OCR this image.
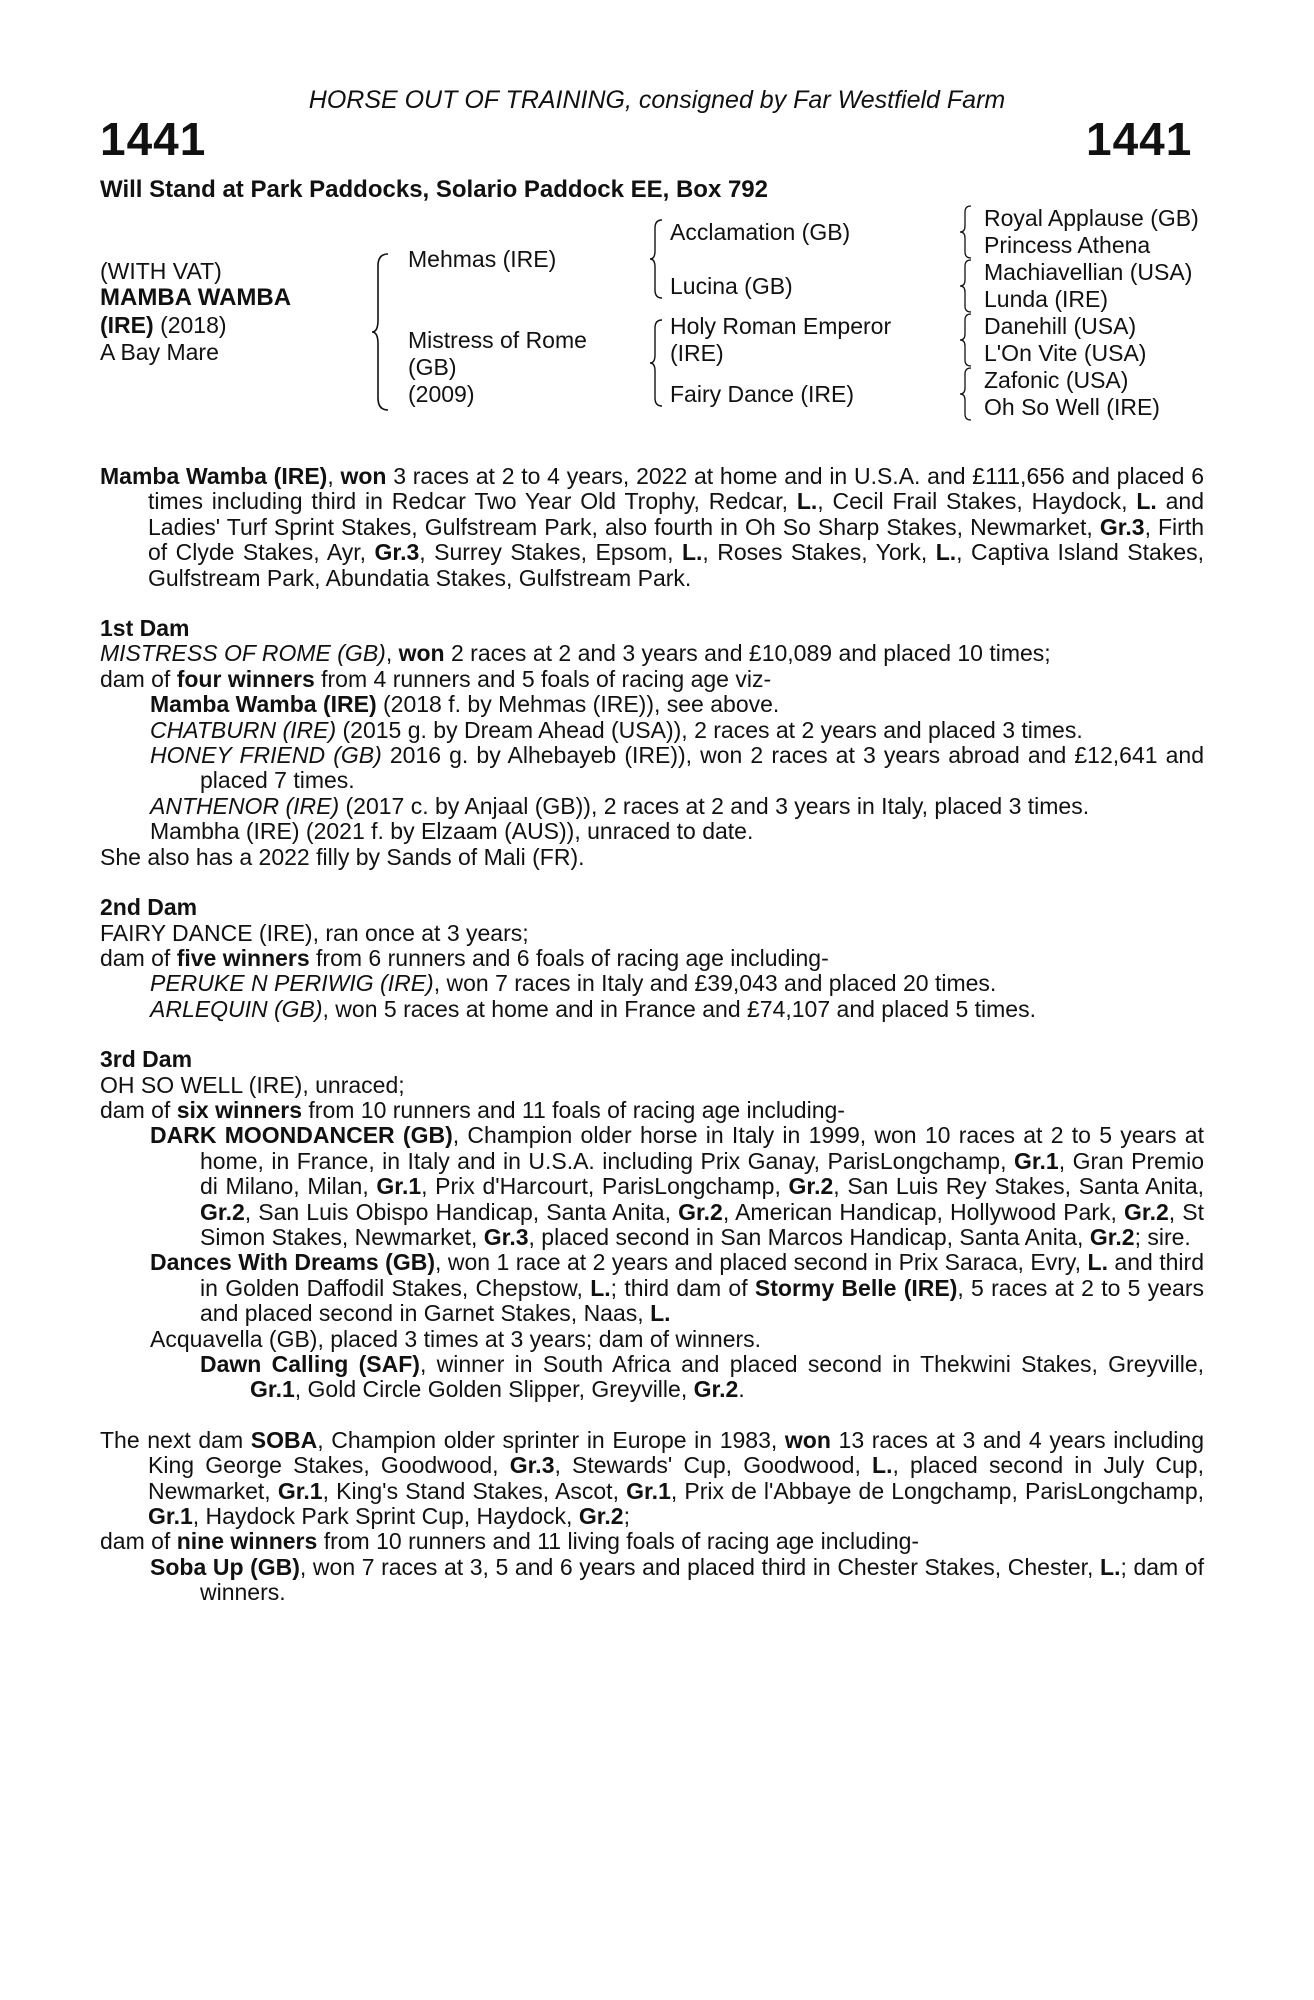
HORSE OUT OF TRAINING, consigned by Far Westfield Farm
1441	1441
Will Stand at Park Paddocks, Solario Paddock EE, Box 792
(WITH VAT)
MAMBA WAMBA
(IRE) (2018)
A Bay Mare
Mehmas (IRE)
Mistress of Rome
(GB)
(2009)
Acclamation (GB)
Lucina (GB)
Holy Roman Emperor
(IRE)
Fairy Dance (IRE)
Royal Applause (GB)
Princess Athena
Machiavellian (USA)
Lunda (IRE)
Danehill (USA)
L'On Vite (USA)
Zafonic (USA)
Oh So Well (IRE)

Mamba Wamba (IRE), won 3 races at 2 to 4 years, 2022 at home and in U.S.A. and £111,656 and placed 6 times including third in Redcar Two Year Old Trophy, Redcar, L., Cecil Frail Stakes, Haydock, L. and Ladies' Turf Sprint Stakes, Gulfstream Park, also fourth in Oh So Sharp Stakes, Newmarket, Gr.3, Firth of Clyde Stakes, Ayr, Gr.3, Surrey Stakes, Epsom, L., Roses Stakes, York, L., Captiva Island Stakes, Gulfstream Park, Abundatia Stakes, Gulfstream Park.

1st Dam

MISTRESS OF ROME (GB), won 2 races at 2 and 3 years and £10,089 and placed 10 times;

dam of four winners from 4 runners and 5 foals of racing age viz-

Mamba Wamba (IRE) (2018 f. by Mehmas (IRE)), see above.

CHATBURN (IRE) (2015 g. by Dream Ahead (USA)), 2 races at 2 years and placed 3 times.

HONEY FRIEND (GB) 2016 g. by Alhebayeb (IRE)), won 2 races at 3 years abroad and £12,641 and placed 7 times.

ANTHENOR (IRE) (2017 c. by Anjaal (GB)), 2 races at 2 and 3 years in Italy, placed 3 times.

Mambha (IRE) (2021 f. by Elzaam (AUS)), unraced to date.

She also has a 2022 filly by Sands of Mali (FR).

2nd Dam

FAIRY DANCE (IRE), ran once at 3 years;

dam of five winners from 6 runners and 6 foals of racing age including-

PERUKE N PERIWIG (IRE), won 7 races in Italy and £39,043 and placed 20 times.

ARLEQUIN (GB), won 5 races at home and in France and £74,107 and placed 5 times.

3rd Dam

OH SO WELL (IRE), unraced;

dam of six winners from 10 runners and 11 foals of racing age including-

DARK MOONDANCER (GB), Champion older horse in Italy in 1999, won 10 races at 2 to 5 years at home, in France, in Italy and in U.S.A. including Prix Ganay, ParisLongchamp, Gr.1, Gran Premio di Milano, Milan, Gr.1, Prix d'Harcourt, ParisLongchamp, Gr.2, San Luis Rey Stakes, Santa Anita, Gr.2, San Luis Obispo Handicap, Santa Anita, Gr.2, American Handicap, Hollywood Park, Gr.2, St Simon Stakes, Newmarket, Gr.3, placed second in San Marcos Handicap, Santa Anita, Gr.2; sire.

Dances With Dreams (GB), won 1 race at 2 years and placed second in Prix Saraca, Evry, L. and third in Golden Daffodil Stakes, Chepstow, L.; third dam of Stormy Belle (IRE), 5 races at 2 to 5 years and placed second in Garnet Stakes, Naas, L.

Acquavella (GB), placed 3 times at 3 years; dam of winners.

Dawn Calling (SAF), winner in South Africa and placed second in Thekwini Stakes, Greyville, Gr.1, Gold Circle Golden Slipper, Greyville, Gr.2.

The next dam SOBA, Champion older sprinter in Europe in 1983, won 13 races at 3 and 4 years including King George Stakes, Goodwood, Gr.3, Stewards' Cup, Goodwood, L., placed second in July Cup, Newmarket, Gr.1, King's Stand Stakes, Ascot, Gr.1, Prix de l'Abbaye de Longchamp, ParisLongchamp, Gr.1, Haydock Park Sprint Cup, Haydock, Gr.2;

dam of nine winners from 10 runners and 11 living foals of racing age including-

Soba Up (GB), won 7 races at 3, 5 and 6 years and placed third in Chester Stakes, Chester, L.; dam of winners.
